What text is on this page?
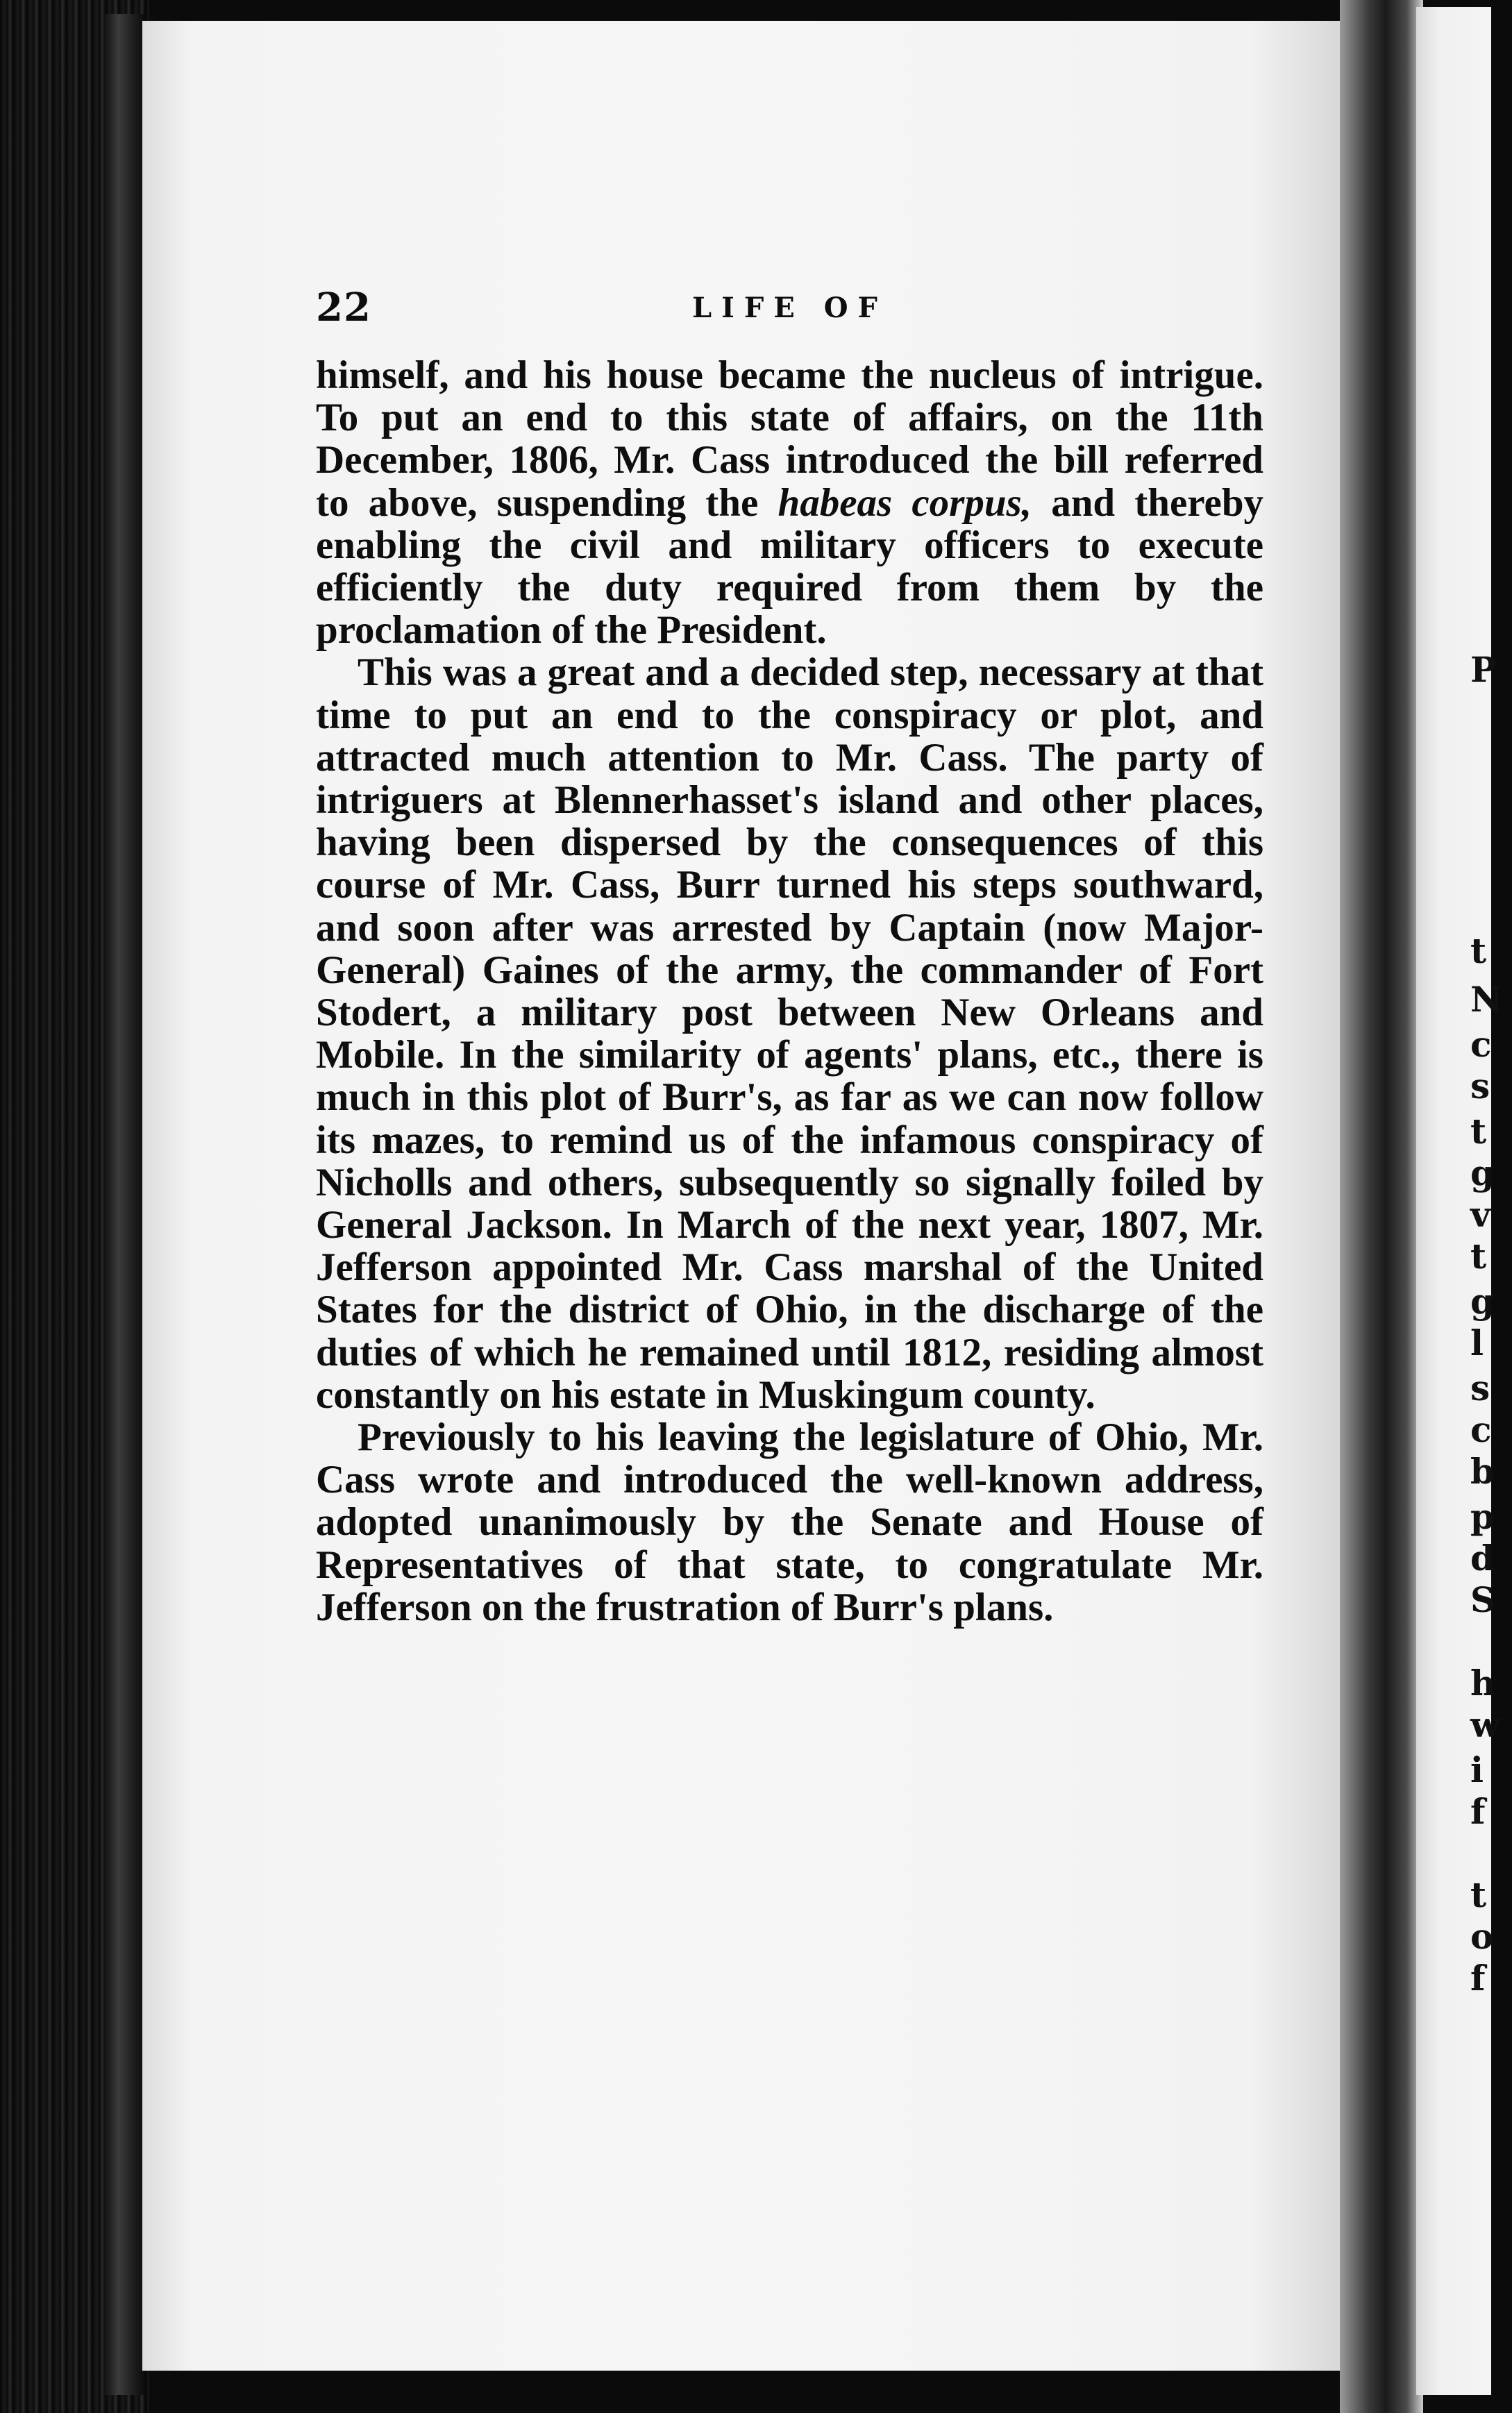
22	LIFE OF

himself, and his house became the nucleus of intrigue. To put an end to this state of affairs, on the 11th December, 1806, Mr. Cass introduced the bill referred to above, suspending the habeas corpus, and thereby enabling the civil and military officers to execute efficiently the duty required from them by the proclamation of the President.

This was a great and a decided step, necessary at that time to put an end to the conspiracy or plot, and attracted much attention to Mr. Cass. The party of intriguers at Blennerhasset's island and other places, having been dispersed by the consequences of this course of Mr. Cass, Burr turned his steps southward, and soon after was arrested by Captain (now Major-General) Gaines of the army, the commander of Fort Stodert, a military post between New Orleans and Mobile. In the similarity of agents' plans, etc., there is much in this plot of Burr's, as far as we can now follow its mazes, to remind us of the infamous conspiracy of Nicholls and others, subsequently so signally foiled by General Jackson. In March of the next year, 1807, Mr. Jefferson appointed Mr. Cass marshal of the United States for the district of Ohio, in the discharge of the duties of which he remained until 1812, residing almost constantly on his estate in Muskingum county.

Previously to his leaving the legislature of Ohio, Mr. Cass wrote and introduced the well-known address, adopted unanimously by the Senate and House of Representatives of that state, to congratulate Mr. Jefferson on the frustration of Burr's plans.

P
t
N
c
s
t
g
v
t
g
l
s
c
b
p
d
S
h
w
i
f
t
o
f
